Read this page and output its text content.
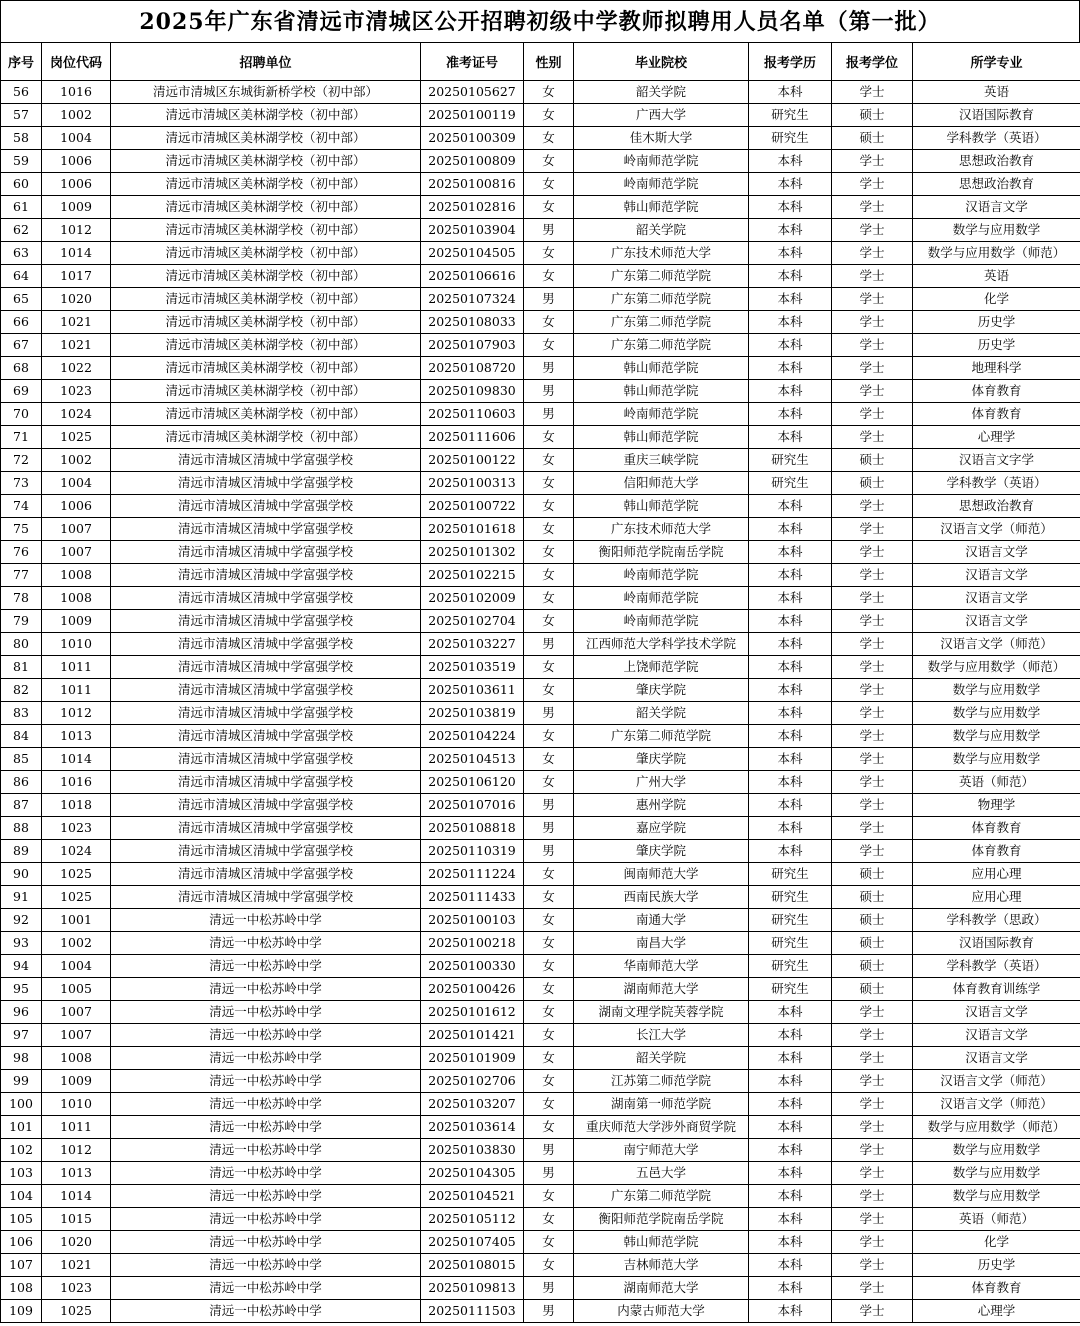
2025年广东省清远市清城区公开招聘初级中学教师拟聘用人员名单（第一批）
序号	岗位代码	招聘单位	准考证号	性别	毕业院校	报考学历	报考学位	所学专业
56	1016	清远市清城区东城街新桥学校（初中部）	20250105627	女	韶关学院	本科	学士	英语
57	1002	清远市清城区美林湖学校（初中部）	20250100119	女	广西大学	研究生	硕士	汉语国际教育
58	1004	清远市清城区美林湖学校（初中部）	20250100309	女	佳木斯大学	研究生	硕士	学科教学（英语）
59	1006	清远市清城区美林湖学校（初中部）	20250100809	女	岭南师范学院	本科	学士	思想政治教育
60	1006	清远市清城区美林湖学校（初中部）	20250100816	女	岭南师范学院	本科	学士	思想政治教育
61	1009	清远市清城区美林湖学校（初中部）	20250102816	女	韩山师范学院	本科	学士	汉语言文学
62	1012	清远市清城区美林湖学校（初中部）	20250103904	男	韶关学院	本科	学士	数学与应用数学
63	1014	清远市清城区美林湖学校（初中部）	20250104505	女	广东技术师范大学	本科	学士	数学与应用数学（师范）
64	1017	清远市清城区美林湖学校（初中部）	20250106616	女	广东第二师范学院	本科	学士	英语
65	1020	清远市清城区美林湖学校（初中部）	20250107324	男	广东第二师范学院	本科	学士	化学
66	1021	清远市清城区美林湖学校（初中部）	20250108033	女	广东第二师范学院	本科	学士	历史学
67	1021	清远市清城区美林湖学校（初中部）	20250107903	女	广东第二师范学院	本科	学士	历史学
68	1022	清远市清城区美林湖学校（初中部）	20250108720	男	韩山师范学院	本科	学士	地理科学
69	1023	清远市清城区美林湖学校（初中部）	20250109830	男	韩山师范学院	本科	学士	体育教育
70	1024	清远市清城区美林湖学校（初中部）	20250110603	男	岭南师范学院	本科	学士	体育教育
71	1025	清远市清城区美林湖学校（初中部）	20250111606	女	韩山师范学院	本科	学士	心理学
72	1002	清远市清城区清城中学富强学校	20250100122	女	重庆三峡学院	研究生	硕士	汉语言文字学
73	1004	清远市清城区清城中学富强学校	20250100313	女	信阳师范大学	研究生	硕士	学科教学（英语）
74	1006	清远市清城区清城中学富强学校	20250100722	女	韩山师范学院	本科	学士	思想政治教育
75	1007	清远市清城区清城中学富强学校	20250101618	女	广东技术师范大学	本科	学士	汉语言文学（师范）
76	1007	清远市清城区清城中学富强学校	20250101302	女	衡阳师范学院南岳学院	本科	学士	汉语言文学
77	1008	清远市清城区清城中学富强学校	20250102215	女	岭南师范学院	本科	学士	汉语言文学
78	1008	清远市清城区清城中学富强学校	20250102009	女	岭南师范学院	本科	学士	汉语言文学
79	1009	清远市清城区清城中学富强学校	20250102704	女	岭南师范学院	本科	学士	汉语言文学
80	1010	清远市清城区清城中学富强学校	20250103227	男	江西师范大学科学技术学院	本科	学士	汉语言文学（师范）
81	1011	清远市清城区清城中学富强学校	20250103519	女	上饶师范学院	本科	学士	数学与应用数学（师范）
82	1011	清远市清城区清城中学富强学校	20250103611	女	肇庆学院	本科	学士	数学与应用数学
83	1012	清远市清城区清城中学富强学校	20250103819	男	韶关学院	本科	学士	数学与应用数学
84	1013	清远市清城区清城中学富强学校	20250104224	女	广东第二师范学院	本科	学士	数学与应用数学
85	1014	清远市清城区清城中学富强学校	20250104513	女	肇庆学院	本科	学士	数学与应用数学
86	1016	清远市清城区清城中学富强学校	20250106120	女	广州大学	本科	学士	英语（师范）
87	1018	清远市清城区清城中学富强学校	20250107016	男	惠州学院	本科	学士	物理学
88	1023	清远市清城区清城中学富强学校	20250108818	男	嘉应学院	本科	学士	体育教育
89	1024	清远市清城区清城中学富强学校	20250110319	男	肇庆学院	本科	学士	体育教育
90	1025	清远市清城区清城中学富强学校	20250111224	女	闽南师范大学	研究生	硕士	应用心理
91	1025	清远市清城区清城中学富强学校	20250111433	女	西南民族大学	研究生	硕士	应用心理
92	1001	清远一中松苏岭中学	20250100103	女	南通大学	研究生	硕士	学科教学（思政）
93	1002	清远一中松苏岭中学	20250100218	女	南昌大学	研究生	硕士	汉语国际教育
94	1004	清远一中松苏岭中学	20250100330	女	华南师范大学	研究生	硕士	学科教学（英语）
95	1005	清远一中松苏岭中学	20250100426	女	湖南师范大学	研究生	硕士	体育教育训练学
96	1007	清远一中松苏岭中学	20250101612	女	湖南文理学院芙蓉学院	本科	学士	汉语言文学
97	1007	清远一中松苏岭中学	20250101421	女	长江大学	本科	学士	汉语言文学
98	1008	清远一中松苏岭中学	20250101909	女	韶关学院	本科	学士	汉语言文学
99	1009	清远一中松苏岭中学	20250102706	女	江苏第二师范学院	本科	学士	汉语言文学（师范）
100	1010	清远一中松苏岭中学	20250103207	女	湖南第一师范学院	本科	学士	汉语言文学（师范）
101	1011	清远一中松苏岭中学	20250103614	女	重庆师范大学涉外商贸学院	本科	学士	数学与应用数学（师范）
102	1012	清远一中松苏岭中学	20250103830	男	南宁师范大学	本科	学士	数学与应用数学
103	1013	清远一中松苏岭中学	20250104305	男	五邑大学	本科	学士	数学与应用数学
104	1014	清远一中松苏岭中学	20250104521	女	广东第二师范学院	本科	学士	数学与应用数学
105	1015	清远一中松苏岭中学	20250105112	女	衡阳师范学院南岳学院	本科	学士	英语（师范）
106	1020	清远一中松苏岭中学	20250107405	女	韩山师范学院	本科	学士	化学
107	1021	清远一中松苏岭中学	20250108015	女	吉林师范大学	本科	学士	历史学
108	1023	清远一中松苏岭中学	20250109813	男	湖南师范大学	本科	学士	体育教育
109	1025	清远一中松苏岭中学	20250111503	男	内蒙古师范大学	本科	学士	心理学
